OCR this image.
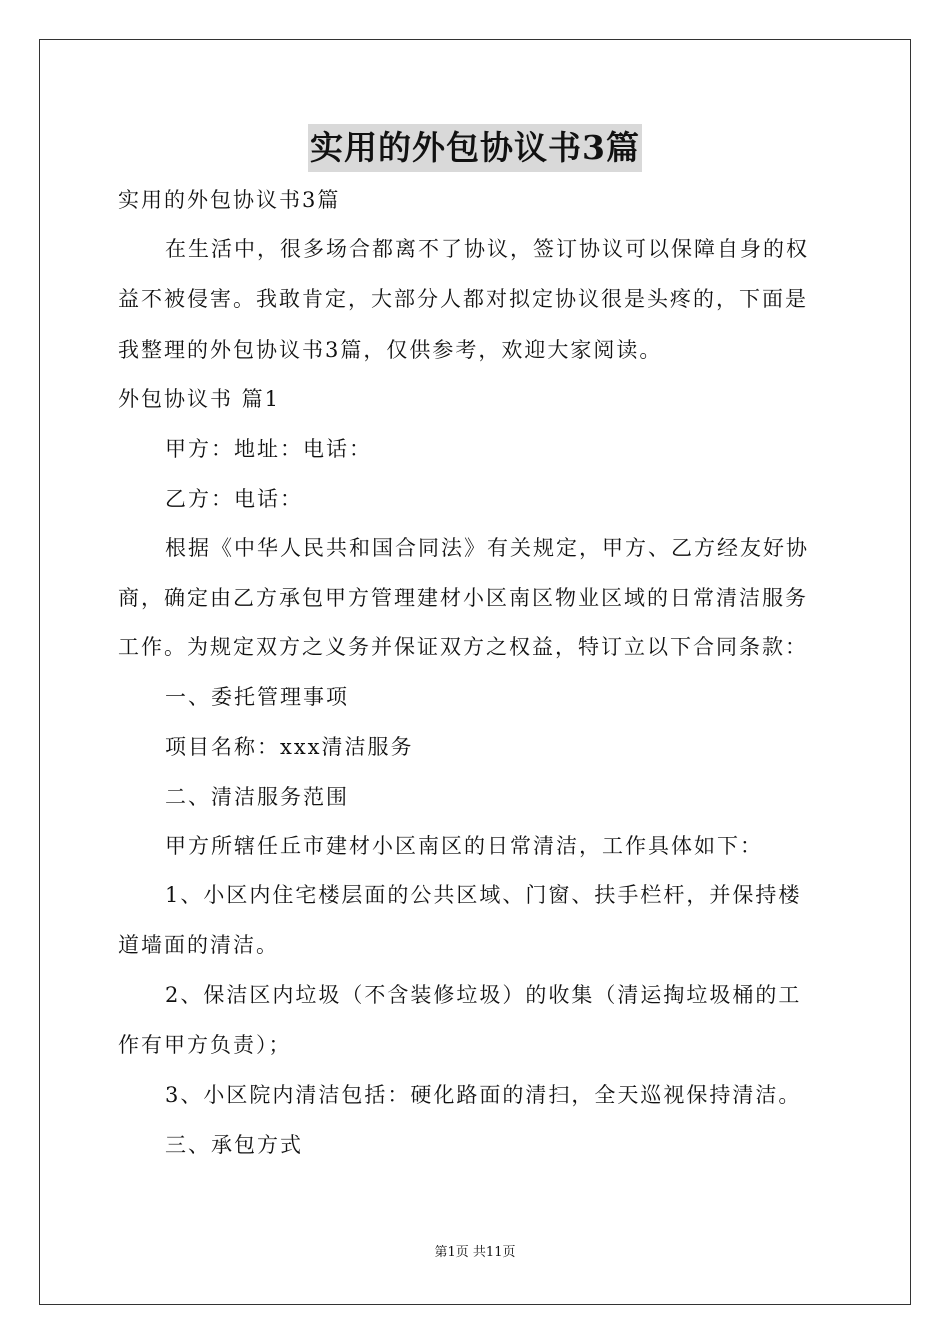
实用的外包协议书3篇
实用的外包协议书3篇
在生活中，很多场合都离不了协议，签订协议可以保障自身的权
益不被侵害。我敢肯定，大部分人都对拟定协议很是头疼的，下面是
我整理的外包协议书3篇，仅供参考，欢迎大家阅读。
外包协议书 篇1
甲方：地址：电话：
乙方：电话：
根据《中华人民共和国合同法》有关规定，甲方、乙方经友好协
商，确定由乙方承包甲方管理建材小区南区物业区域的日常清洁服务
工作。为规定双方之义务并保证双方之权益，特订立以下合同条款：
一、委托管理事项
项目名称：xxx清洁服务
二、清洁服务范围
甲方所辖任丘市建材小区南区的日常清洁，工作具体如下：
1、小区内住宅楼层面的公共区域、门窗、扶手栏杆，并保持楼
道墙面的清洁。
2、保洁区内垃圾（不含装修垃圾）的收集（清运掏垃圾桶的工
作有甲方负责）；
3、小区院内清洁包括：硬化路面的清扫，全天巡视保持清洁。
三、承包方式
第1页 共11页
